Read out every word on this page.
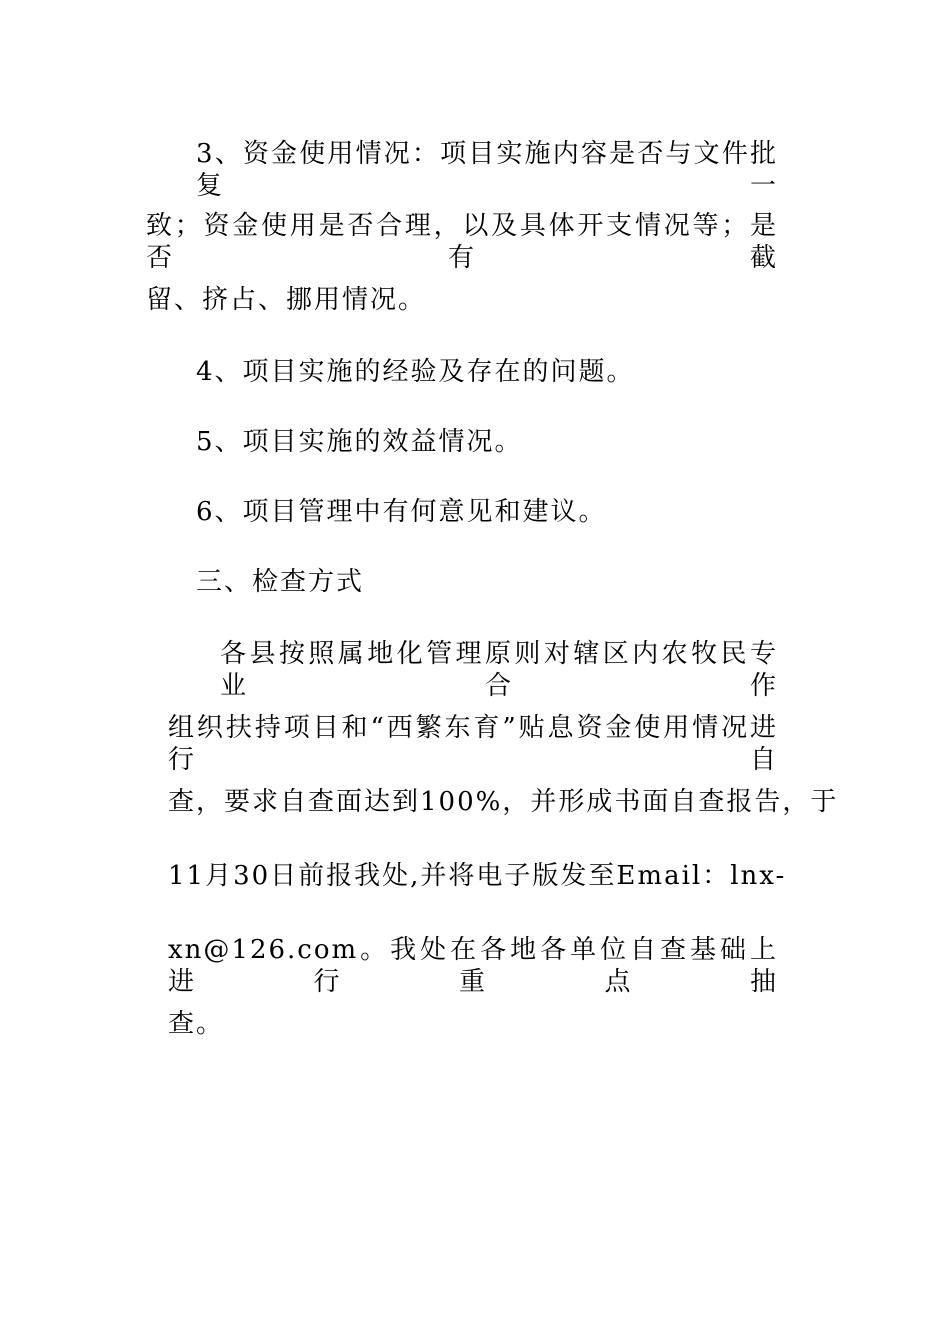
3、资金使用情况：项目实施内容是否与文件批复一
致；资金使用是否合理，以及具体开支情况等；是否有截
留、挤占、挪用情况。
4、项目实施的经验及存在的问题。
5、项目实施的效益情况。
6、项目管理中有何意见和建议。
三、检查方式
各县按照属地化管理原则对辖区内农牧民专业合作
组织扶持项目和“西繁东育”贴息资金使用情况进行自
查，要求自查面达到100%，并形成书面自查报告，于
11月30日前报我处,并将电子版发至Email：lnx-
xn@126.com。我处在各地各单位自查基础上进行重点抽
查。
